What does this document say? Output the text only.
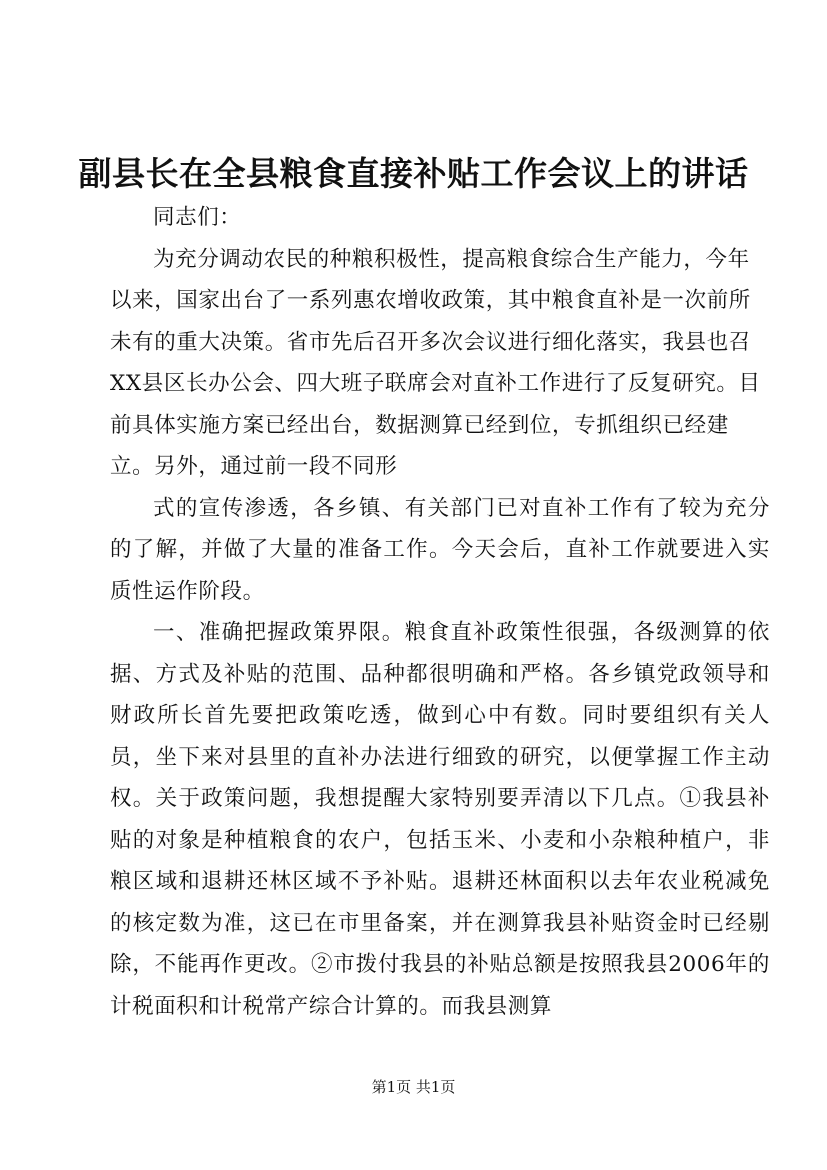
副县长在全县粮食直接补贴工作会议上的讲话

同志们：

为充分调动农民的种粮积极性，提高粮食综合生产能力，今年以来，国家出台了一系列惠农增收政策，其中粮食直补是一次前所未有的重大决策。省市先后召开多次会议进行细化落实，我县也召XX县区长办公会、四大班子联席会对直补工作进行了反复研究。目前具体实施方案已经出台，数据测算已经到位，专抓组织已经建立。另外，通过前一段不同形

式的宣传渗透，各乡镇、有关部门已对直补工作有了较为充分的了解，并做了大量的准备工作。今天会后，直补工作就要进入实质性运作阶段。

一、准确把握政策界限。粮食直补政策性很强，各级测算的依据、方式及补贴的范围、品种都很明确和严格。各乡镇党政领导和财政所长首先要把政策吃透，做到心中有数。同时要组织有关人员，坐下来对县里的直补办法进行细致的研究，以便掌握工作主动权。关于政策问题，我想提醒大家特别要弄清以下几点。①我县补贴的对象是种植粮食的农户，包括玉米、小麦和小杂粮种植户，非粮区域和退耕还林区域不予补贴。退耕还林面积以去年农业税减免的核定数为准，这已在市里备案，并在测算我县补贴资金时已经剔除，不能再作更改。②市拨付我县的补贴总额是按照我县2006年的计税面积和计税常产综合计算的。而我县测算

第1页 共1页
